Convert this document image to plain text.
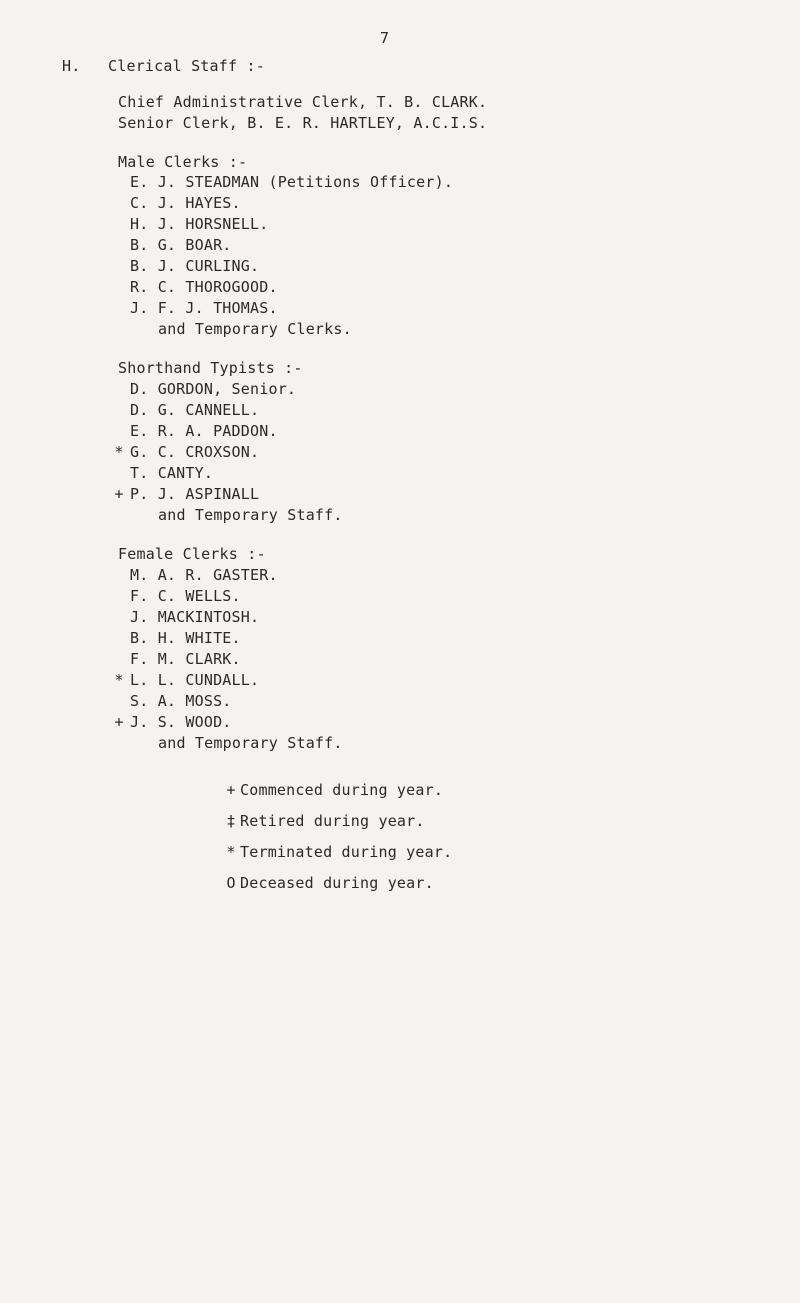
7
H. Clerical Staff :-
Chief Administrative Clerk, T. B. CLARK.
Senior Clerk, B. E. R. HARTLEY, A.C.I.S.
Male Clerks :-
E. J. STEADMAN (Petitions Officer).
C. J. HAYES.
H. J. HORSNELL.
B. G. BOAR.
B. J. CURLING.
R. C. THOROGOOD.
J. F. J. THOMAS.
and Temporary Clerks.
Shorthand Typists :-
D. GORDON, Senior.
D. G. CANNELL.
E. R. A. PADDON.
* G. C. CROXSON.
T. CANTY.
+ P. J. ASPINALL
and Temporary Staff.
Female Clerks :-
M. A. R. GASTER.
F. C. WELLS.
J. MACKINTOSH.
B. H. WHITE.
F. M. CLARK.
* L. L. CUNDALL.
S. A. MOSS.
+ J. S. WOOD.
and Temporary Staff.
+ Commenced during year.
‡ Retired during year.
* Terminated during year.
O Deceased during year.
